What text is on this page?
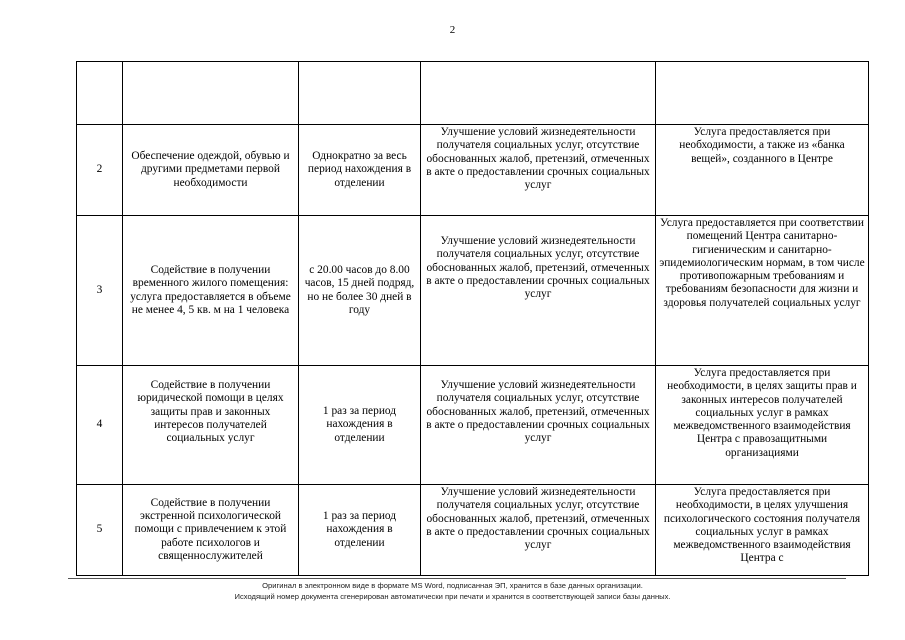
2

2	Обеспечение одеждой, обувью и другими предметами первой необходимости	Однократно за весь период нахождения в отделении	Улучшение условий жизнедеятельности получателя социальных услуг, отсутствие обоснованных жалоб, претензий, отмеченных в акте о предоставлении срочных социальных услуг	Услуга предоставляется при необходимости, а также из «банка вещей», созданного в Центре
3	Содействие в получении временного жилого помещения: услуга предоставляется в объеме не менее 4, 5 кв. м на 1 человека	с 20.00 часов до 8.00 часов, 15 дней подряд, но не более 30 дней в году	Улучшение условий жизнедеятельности получателя социальных услуг, отсутствие обоснованных жалоб, претензий, отмеченных в акте о предоставлении срочных социальных услуг	Услуга предоставляется при соответствии помещений Центра санитарно-гигиеническим и санитарно-эпидемиологическим нормам, в том числе противопожарным требованиям и требованиям безопасности для жизни и здоровья получателей социальных услуг
4	Содействие в получении юридической помощи в целях защиты прав и законных интересов получателей социальных услуг	1 раз за период нахождения в отделении	Улучшение условий жизнедеятельности получателя социальных услуг, отсутствие обоснованных жалоб, претензий, отмеченных в акте о предоставлении срочных социальных услуг	Услуга предоставляется при необходимости, в целях защиты прав и законных интересов получателей социальных услуг в рамках межведомственного взаимодействия Центра с правозащитными организациями
5	Содействие в получении экстренной психологической помощи с привлечением к этой работе психологов и священнослужителей	1 раз за период нахождения в отделении	Улучшение условий жизнедеятельности получателя социальных услуг, отсутствие обоснованных жалоб, претензий, отмеченных в акте о предоставлении срочных социальных услуг	Услуга предоставляется при необходимости, в целях улучшения психологического состояния получателя социальных услуг в рамках межведомственного взаимодействия Центра с
Оригинал в электронном виде в формате MS Word, подписанная ЭП, хранится в базе данных организации.
Исходящий номер документа сгенерирован автоматически при печати и хранится в соответствующей записи базы данных.
